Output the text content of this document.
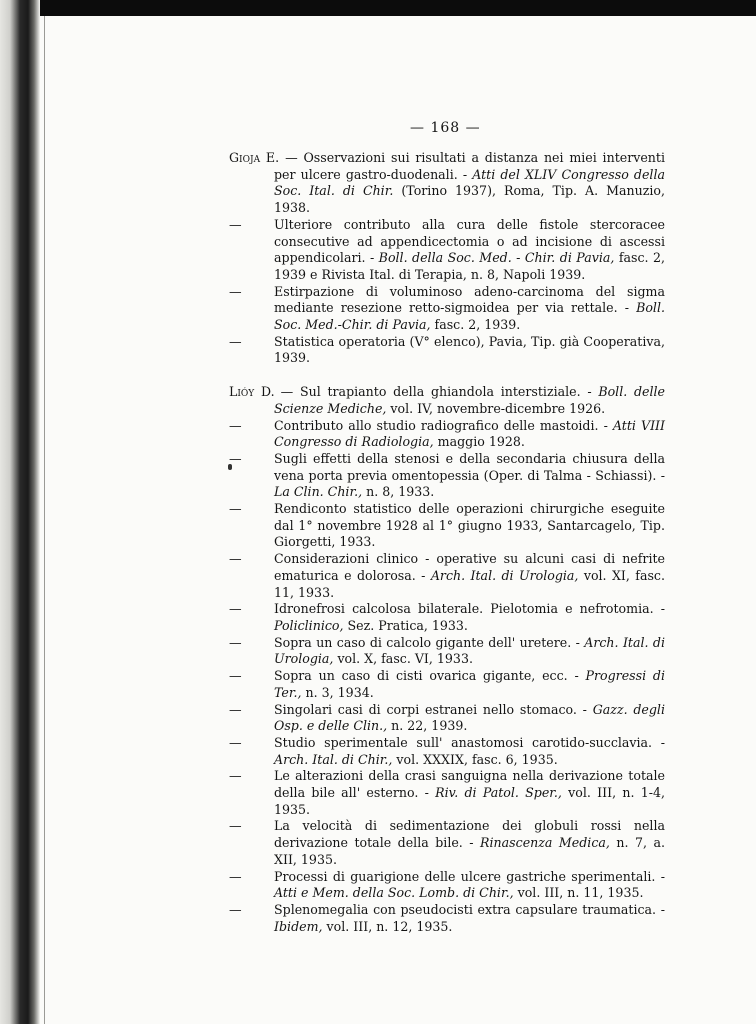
— 168 —
Gioja E. — Osservazioni sui risultati a distanza nei miei interventi per ulcere gastro-duodenali. - Atti del XLIV Congresso della Soc. Ital. di Chir. (Torino 1937), Roma, Tip. A. Manuzio, 1938.
—	Ulteriore contributo alla cura delle fistole stercoracee consecutive ad appendicectomia o ad incisione di ascessi appendicolari. - Boll. della Soc. Med. - Chir. di Pavia, fasc. 2, 1939 e Rivista Ital. di Terapia, n. 8, Napoli 1939.
—	Estirpazione di voluminoso adeno-carcinoma del sigma mediante resezione retto-sigmoidea per via rettale. - Boll. Soc. Med.-Chir. di Pavia, fasc. 2, 1939.
—	Statistica operatoria (V° elenco), Pavia, Tip. già Cooperativa, 1939.
Lióy D. — Sul trapianto della ghiandola interstiziale. - Boll. delle Scienze Mediche, vol. IV, novembre-dicembre 1926.
—	Contributo allo studio radiografico delle mastoidi. - Atti VIII Congresso di Radiologia, maggio 1928.
—	Sugli effetti della stenosi e della secondaria chiusura della vena porta previa omentopessia (Oper. di Talma - Schiassi). - La Clin. Chir., n. 8, 1933.
—	Rendiconto statistico delle operazioni chirurgiche eseguite dal 1° novembre 1928 al 1° giugno 1933, Santarcagelo, Tip. Giorgetti, 1933.
—	Considerazioni clinico - operative su alcuni casi di nefrite ematurica e dolorosa. - Arch. Ital. di Urologia, vol. XI, fasc. 11, 1933.
—	Idronefrosi calcolosa bilaterale. Pielotomia e nefrotomia. - Policlinico, Sez. Pratica, 1933.
—	Sopra un caso di calcolo gigante dell' uretere. - Arch. Ital. di Urologia, vol. X, fasc. VI, 1933.
—	Sopra un caso di cisti ovarica gigante, ecc. - Progressi di Ter., n. 3, 1934.
—	Singolari casi di corpi estranei nello stomaco. - Gazz. degli Osp. e delle Clin., n. 22, 1939.
—	Studio sperimentale sull' anastomosi carotido-succlavia. - Arch. Ital. di Chir., vol. XXXIX, fasc. 6, 1935.
—	Le alterazioni della crasi sanguigna nella derivazione totale della bile all' esterno. - Riv. di Patol. Sper., vol. III, n. 1-4, 1935.
—	La velocità di sedimentazione dei globuli rossi nella derivazione totale della bile. - Rinascenza Medica, n. 7, a. XII, 1935.
—	Processi di guarigione delle ulcere gastriche sperimentali. - Atti e Mem. della Soc. Lomb. di Chir., vol. III, n. 11, 1935.
—	Splenomegalia con pseudocisti extra capsulare traumatica. - Ibidem, vol. III, n. 12, 1935.
